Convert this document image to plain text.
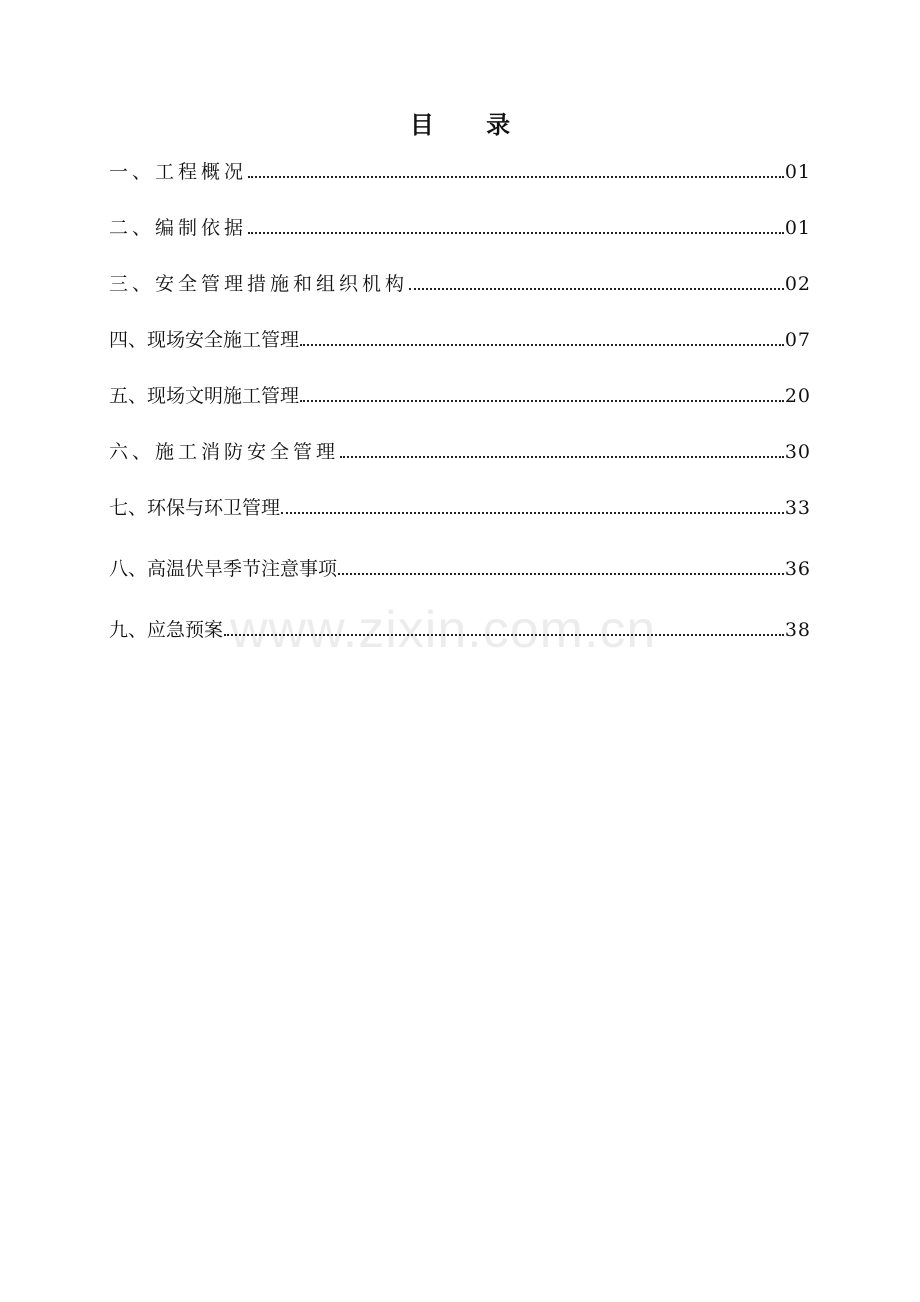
目 录
一、工程概况	01
二、编制依据	01
三、安全管理措施和组织机构	02
四、现场安全施工管理	07
五、现场文明施工管理	20
六、施工消防安全管理	30
七、环保与环卫管理	33
八、高温伏旱季节注意事项	36
九、应急预案	38
www.zixin.com.cn
